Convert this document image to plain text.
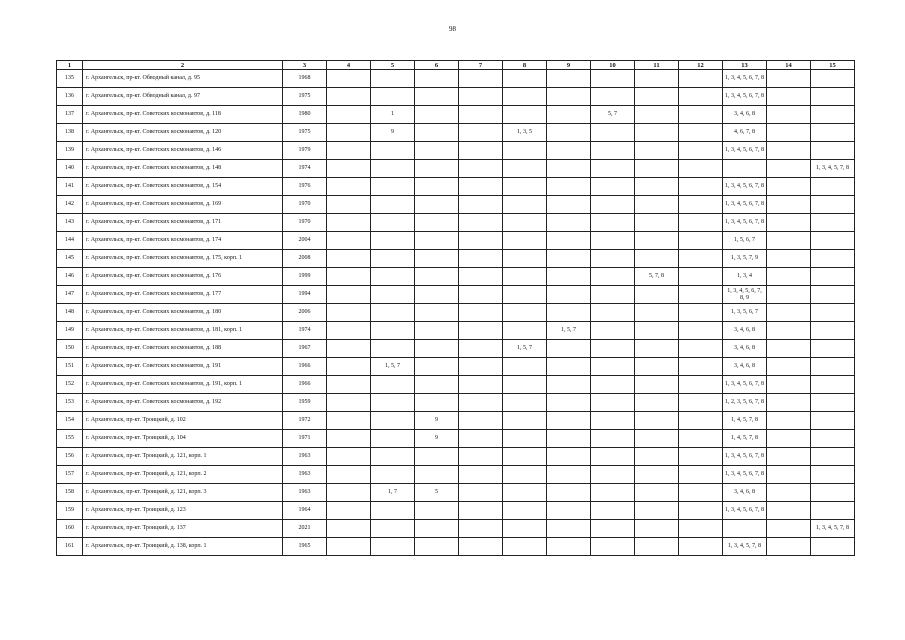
98
1	2	3	4	5	6	7	8	9	10	11	12	13	14	15
135	г. Архангельск, пр-кт. Обводный канал, д. 95	1968										1, 3, 4, 5, 6, 7, 8		
136	г. Архангельск, пр-кт. Обводный канал, д. 97	1975										1, 3, 4, 5, 6, 7, 8		
137	г. Архангельск, пр-кт. Советских космонавтов, д. 118	1980		1					5, 7			3, 4, 6, 8		
138	г. Архангельск, пр-кт. Советских космонавтов, д. 120	1975		9			1, 3, 5					4, 6, 7, 8		
139	г. Архангельск, пр-кт. Советских космонавтов, д. 146	1979										1, 3, 4, 5, 6, 7, 8		
140	г. Архангельск, пр-кт. Советских космонавтов, д. 148	1974												1, 3, 4, 5, 7, 8
141	г. Архангельск, пр-кт. Советских космонавтов, д. 154	1976										1, 3, 4, 5, 6, 7, 8		
142	г. Архангельск, пр-кт. Советских космонавтов, д. 169	1970										1, 3, 4, 5, 6, 7, 8		
143	г. Архангельск, пр-кт. Советских космонавтов, д. 171	1970										1, 3, 4, 5, 6, 7, 8		
144	г. Архангельск, пр-кт. Советских космонавтов, д. 174	2004										1, 5, 6, 7		
145	г. Архангельск, пр-кт. Советских космонавтов, д. 175, корп. 1	2008										1, 3, 5, 7, 9		
146	г. Архангельск, пр-кт. Советских космонавтов, д. 176	1999								5, 7, 8		1, 3, 4		
147	г. Архангельск, пр-кт. Советских космонавтов, д. 177	1994										1, 3, 4, 5, 6, 7, 8, 9		
148	г. Архангельск, пр-кт. Советских космонавтов, д. 180	2006										1, 3, 5, 6, 7		
149	г. Архангельск, пр-кт. Советских космонавтов, д. 181, корп. 1	1974						1, 5, 7				3, 4, 6, 8		
150	г. Архангельск, пр-кт. Советских космонавтов, д. 188	1967					1, 5, 7					3, 4, 6, 8		
151	г. Архангельск, пр-кт. Советских космонавтов, д. 191	1966		1, 5, 7								3, 4, 6, 8		
152	г. Архангельск, пр-кт. Советских космонавтов, д. 191, корп. 1	1966										1, 3, 4, 5, 6, 7, 8		
153	г. Архангельск, пр-кт. Советских космонавтов, д. 192	1959										1, 2, 3, 5, 6, 7, 8		
154	г. Архангельск, пр-кт. Троицкий, д. 102	1972			9							1, 4, 5, 7, 8		
155	г. Архангельск, пр-кт. Троицкий, д. 104	1971			9							1, 4, 5, 7, 8		
156	г. Архангельск, пр-кт. Троицкий, д. 121, корп. 1	1963										1, 3, 4, 5, 6, 7, 8		
157	г. Архангельск, пр-кт. Троицкий, д. 121, корп. 2	1963										1, 3, 4, 5, 6, 7, 8		
158	г. Архангельск, пр-кт. Троицкий, д. 121, корп. 3	1963		1, 7	5							3, 4, 6, 8		
159	г. Архангельск, пр-кт. Троицкий, д. 123	1964										1, 3, 4, 5, 6, 7, 8		
160	г. Архангельск, пр-кт. Троицкий, д. 137	2021												1, 3, 4, 5, 7, 8
161	г. Архангельск, пр-кт. Троицкий, д. 138, корп. 1	1965										1, 3, 4, 5, 7, 8		
